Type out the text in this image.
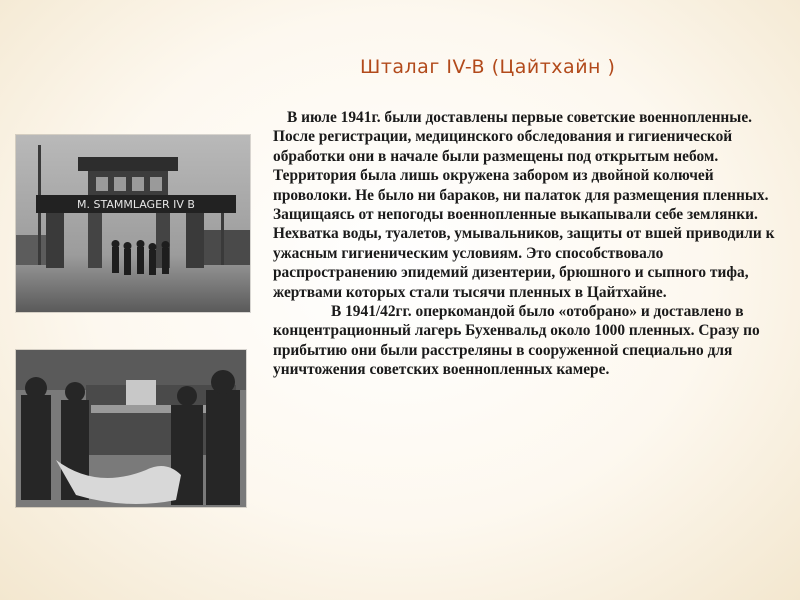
Шталаг IV-B (Цайтхайн )
M. STAMMLAGER IV B

В июле 1941г. были доставлены первые советские военнопленные. После регистрации, медицинского обследования и гигиенической обработки они в начале были размещены под открытым небом. Территория была лишь окружена забором из двойной колючей проволоки. Не было ни бараков, ни палаток для размещения пленных. Защищаясь от непогоды военнопленные выкапывали себе землянки. Нехватка воды, туалетов, умывальников, защиты от вшей приводили к ужасным гигиеническим условиям. Это способствовало распространению эпидемий дизентерии, брюшного и сыпного тифа, жертвами которых стали тысячи пленных в Цайтхайне.

В 1941/42гг. оперкомандой было «отобрано» и доставлено в концентрационный лагерь Бухенвальд около 1000 пленных. Сразу по прибытию они были расстреляны в сооруженной специально для уничтожения советских военнопленных камере.
